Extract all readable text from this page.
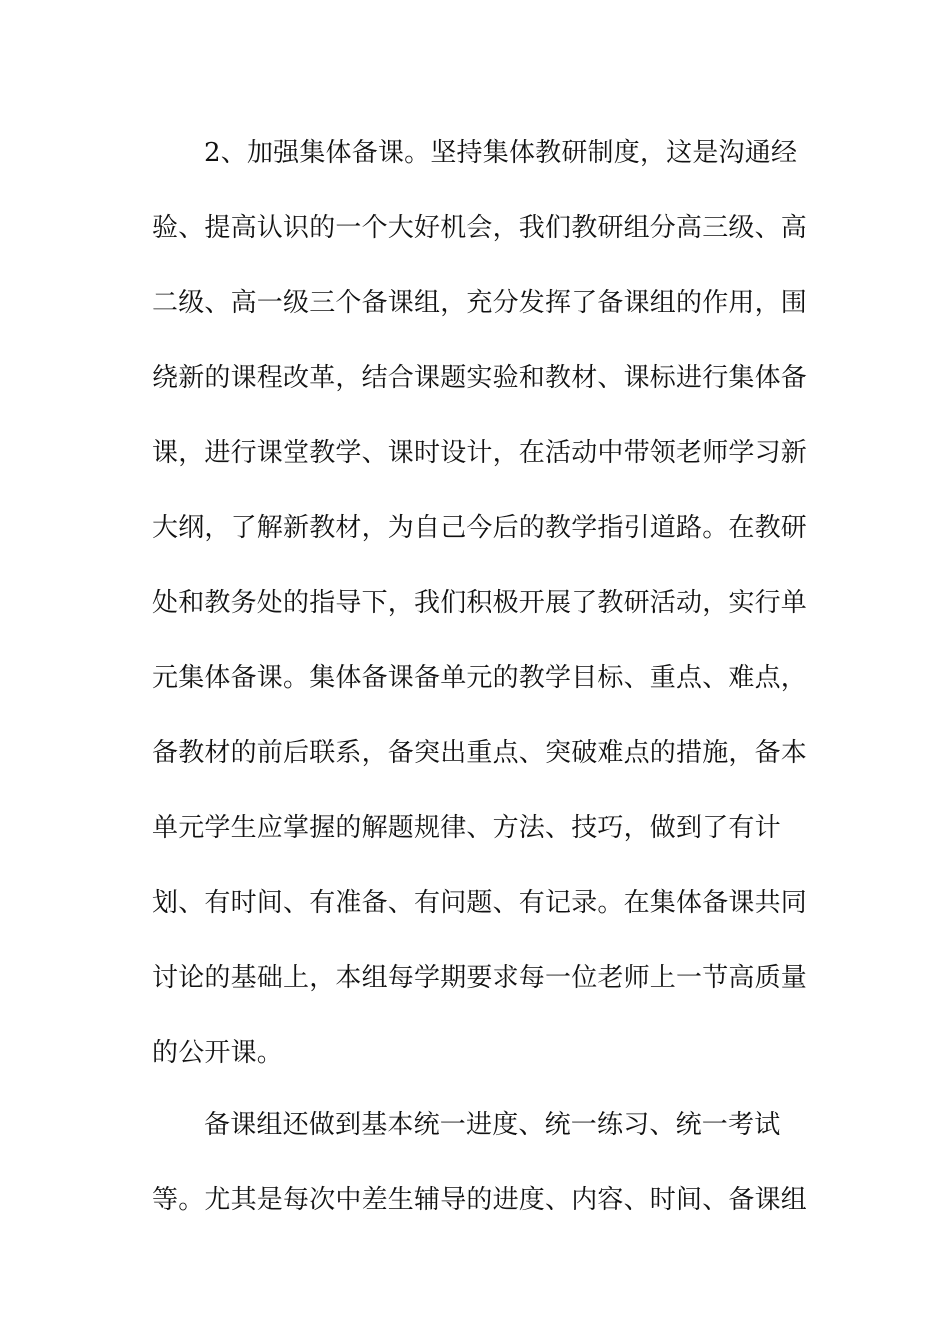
2、加强集体备课。坚持集体教研制度，这是沟通经
验、提高认识的一个大好机会，我们教研组分高三级、高
二级、高一级三个备课组，充分发挥了备课组的作用，围
绕新的课程改革，结合课题实验和教材、课标进行集体备
课，进行课堂教学、课时设计，在活动中带领老师学习新
大纲，了解新教材，为自己今后的教学指引道路。在教研
处和教务处的指导下，我们积极开展了教研活动，实行单
元集体备课。集体备课备单元的教学目标、重点、难点，
备教材的前后联系，备突出重点、突破难点的措施，备本
单元学生应掌握的解题规律、方法、技巧，做到了有计
划、有时间、有准备、有问题、有记录。在集体备课共同
讨论的基础上，本组每学期要求每一位老师上一节高质量
的公开课。
备课组还做到基本统一进度、统一练习、统一考试
等。尤其是每次中差生辅导的进度、内容、时间、备课组
